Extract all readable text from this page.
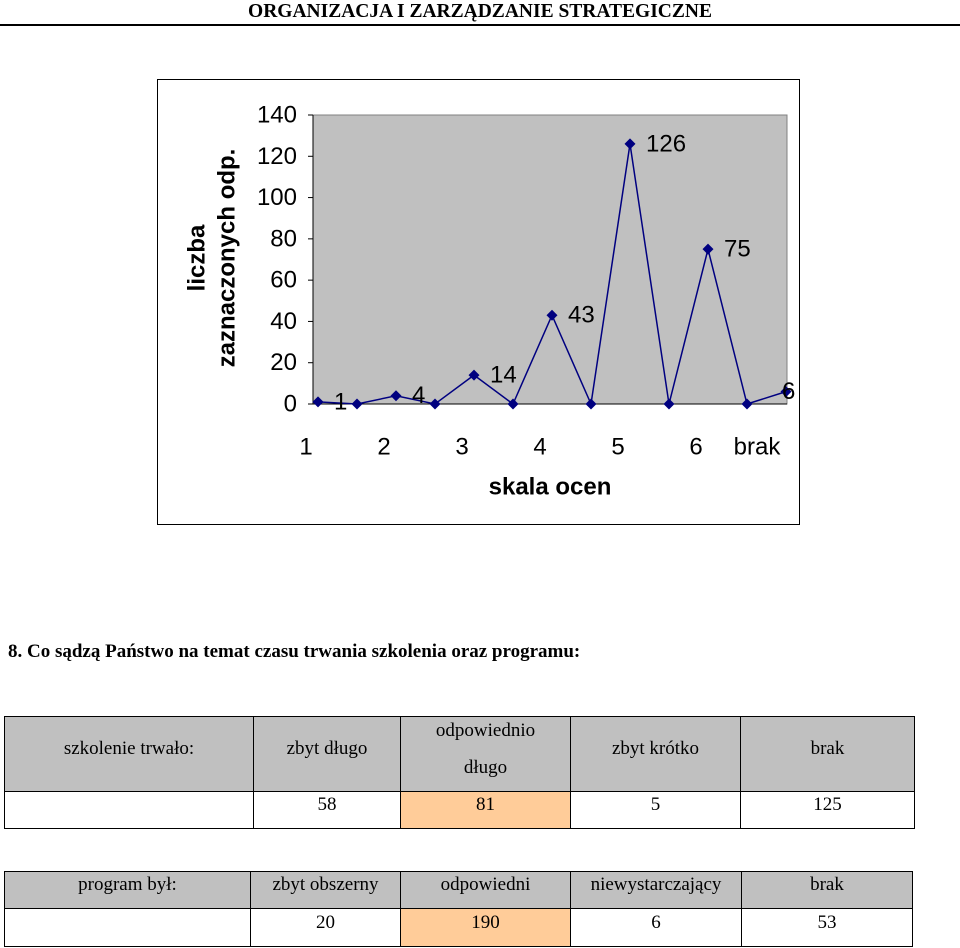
ORGANIZACJA I ZARZĄDZANIE STRATEGICZNE
0
20
40
60
80
100
120
140
1	4
14
43
126
75
6
1	2	3	4	5	6 brak
liczba zaznaczonych odp.
skala ocen
8. Co sądzą Państwo na temat czasu trwania szkolenia oraz programu:
szkolenie trwało:	zbyt długo	odpowiednio długo	zbyt krótko	brak
	58	81	5	125
program był:	zbyt obszerny	odpowiedni	niewystarczający	brak
	20	190	6	53
